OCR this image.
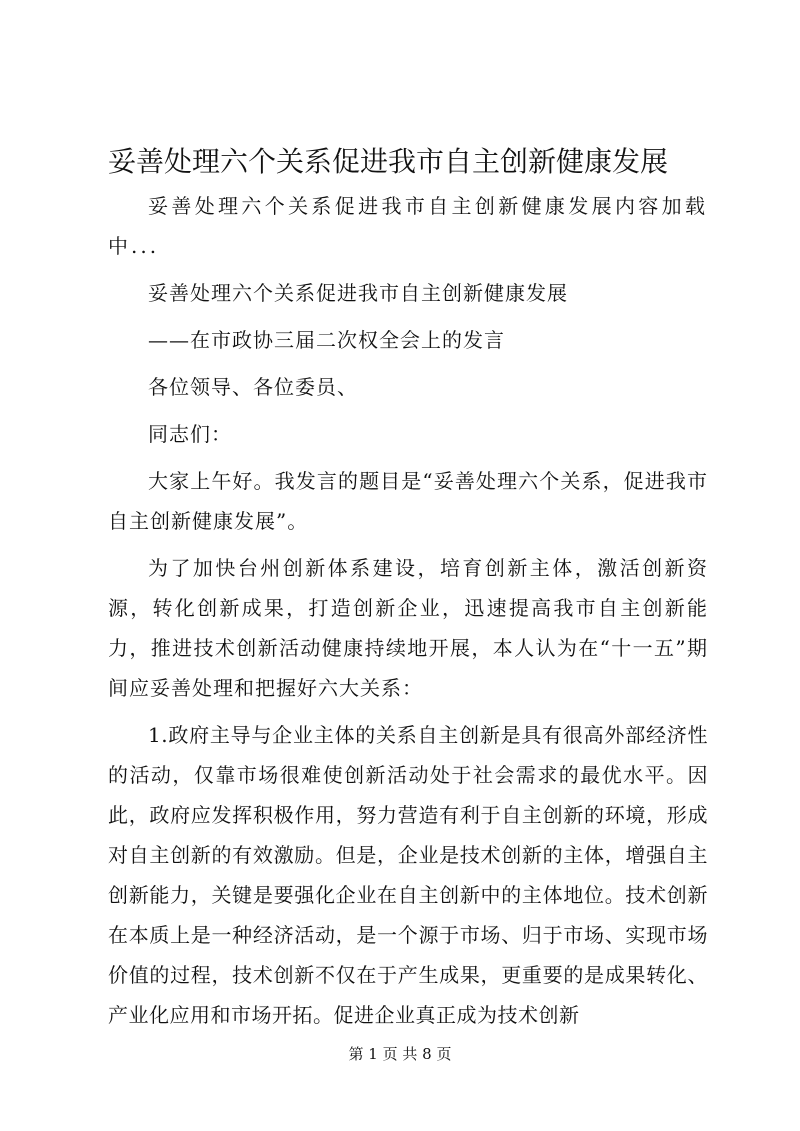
妥善处理六个关系促进我市自主创新健康发展

妥善处理六个关系促进我市自主创新健康发展内容加载中...

妥善处理六个关系促进我市自主创新健康发展

——在市政协三届二次权全会上的发言

各位领导、各位委员、

同志们：

大家上午好。我发言的题目是“妥善处理六个关系，促进我市自主创新健康发展”。

为了加快台州创新体系建设，培育创新主体，激活创新资源，转化创新成果，打造创新企业，迅速提高我市自主创新能力，推进技术创新活动健康持续地开展，本人认为在“十一五”期间应妥善处理和把握好六大关系：

1.政府主导与企业主体的关系自主创新是具有很高外部经济性的活动，仅靠市场很难使创新活动处于社会需求的最优水平。因此，政府应发挥积极作用，努力营造有利于自主创新的环境，形成对自主创新的有效激励。但是，企业是技术创新的主体，增强自主创新能力，关键是要强化企业在自主创新中的主体地位。技术创新在本质上是一种经济活动，是一个源于市场、归于市场、实现市场价值的过程，技术创新不仅在于产生成果，更重要的是成果转化、产业化应用和市场开拓。促进企业真正成为技术创新

第 1 页 共 8 页
